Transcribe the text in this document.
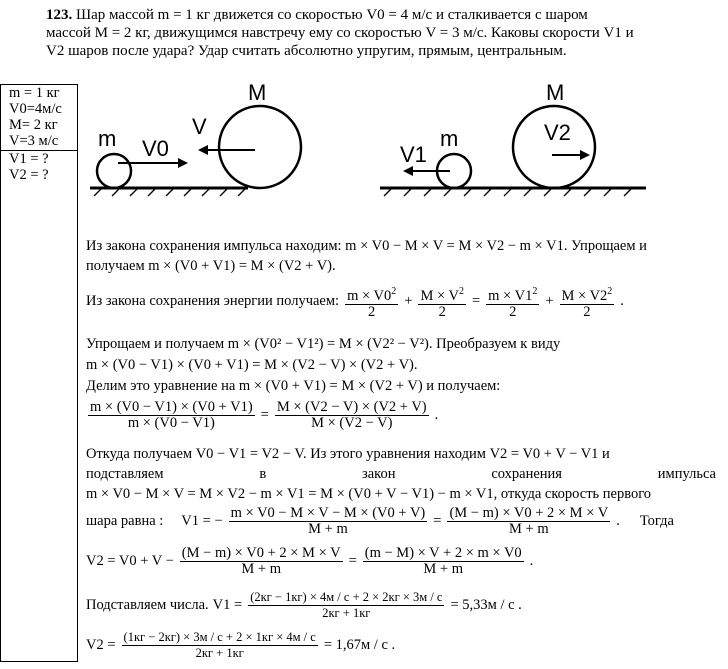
123. Шар массой m = 1 кг движется со скоростью V0 = 4 м/с и сталкивается с шаром
массой M = 2 кг, движущимся навстречу ему со скоростью V = 3 м/с. Каковы скорости V1 и
V2 шаров после удара? Удар считать абсолютно упругим, прямым, центральным.
m = 1 кг
V0=4м/с
M= 2 кг
V=3 м/с
V1 = ?
V2 = ?
m V0
V
M
m
V1
V2
M
Из закона сохранения импульса находим: m × V0 − M × V = M × V2 − m × V1. Упрощаем и
получаем m × (V0 + V1) = M × (V2 + V).
Из закона сохранения энергии получаем: $\frac{m \times V0^2}{2} + \frac{M \times V^2}{2} = \frac{m \times V1^2}{2} + \frac{M \times V2^2}{2}$ .
Упрощаем и получаем m × (V0² − V1²) = M × (V2² − V²). Преобразуем к виду
m × (V0 − V1) × (V0 + V1) = M × (V2 − V) × (V2 + V).
Делим это уравнение на m × (V0 + V1) = M × (V2 + V) и получаем:
$\frac{m \times (V0 - V1) \times (V0 + V1)}{m \times (V0 - V1)} = \frac{M \times (V2 - V) \times (V2 + V)}{M \times (V2 - V)}$ .
Откуда получаем V0 − V1 = V2 − V. Из этого уравнения находим V2 = V0 + V − V1 и
подставляем в закон сохранения импульса
m × V0 − M × V = M × V2 − m × V1 = M × (V0 + V − V1) − m × V1, откуда скорость первого
шара равна : V1 = − $\frac{m \times V0 - M \times V - M \times (V0 + V)}{M + m} = \frac{(M - m) \times V0 + 2 \times M \times V}{M + m}$ . Тогда
$V2 = V0 + V - \frac{(M - m) \times V0 + 2 \times M \times V}{M + m} = \frac{(m - M) \times V + 2 \times m \times V0}{M + m}$ .
Подставляем числа. $V1 = \frac{(2кг - 1кг) \times 4м / с + 2 \times 2кг \times 3м / с}{2кг + 1кг} = 5,33м / с$ .
$V2 = \frac{(1кг - 2кг) \times 3м / с + 2 \times 1кг \times 4м / с}{2кг + 1кг} = 1,67м / с$ .
